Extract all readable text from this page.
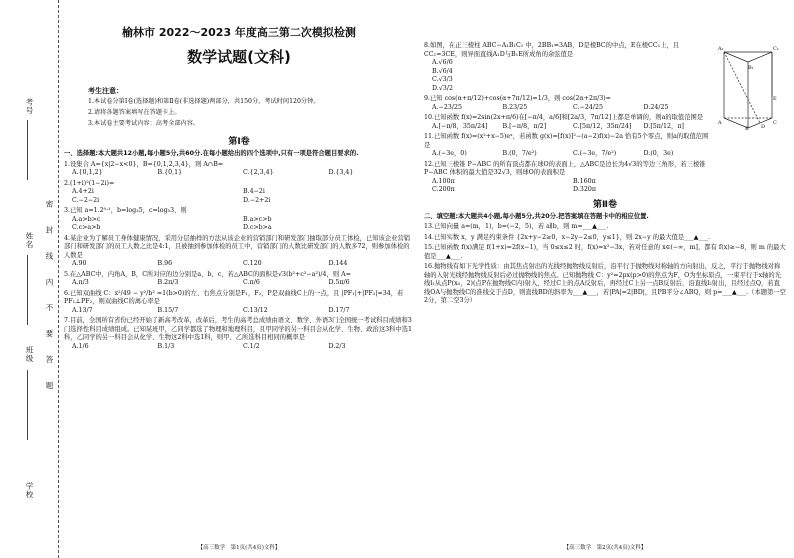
考号
姓名
班级
学校
密 封 线 内 不 要 答 题
榆林市 2022～2023 年度高三第二次模拟检测
数学试题(文科)
考生注意：
1.本试卷分第Ⅰ卷(选择题)和第Ⅱ卷(非选择题)两部分，共150分。考试时间120分钟。
2.请将各题答案填写在答题卡上。
3.本试卷主要考试内容：高考全部内容。
第Ⅰ卷
一、选择题:本大题共12小题,每小题5分,共60分.在每小题给出的四个选项中,只有一项是符合题目要求的.
1.设集合 A={x|2−x<0}，B={0,1,2,3,4}，则 A∩B=
A.{0,1,2}	B.{0,1}	C.{2,3,4}	D.{3,4}
2.(1+i)²(1−2i)=
A.4+2i	B.4−2i
C.−2−2i	D.−2+2i
3.已知 a=1.2⁰·¹，b=log₃5，c=log₅3，则
A.a>b>c	B.a>c>b
C.c>a>b	D.c>b>a
4.某企业为了解员工身体健康情况，采用分层抽样的方法从该企业的营销部门和研发部门抽取部分员工体检，已知该企业营销部门和研发部门的员工人数之比是4:1，且被抽到参加体检的员工中，营销部门的人数比研发部门的人数多72，则参加体检的人数是
A.90	B.96	C.120	D.144
5.在△ABC中，内角A，B，C所对应的边分别是a，b，c，若△ABC的面积是√3(b²+c²−a²)/4，则 A=
A.π/3	B.2π/3	C.π/6	D.5π/6
6.已知双曲线 C：x²/49 − y²/b² =1(b>0)的左、右焦点分别是F₁，F₂，P是双曲线C上的一点，且 |PF₁|+|PF₂|=34，若 PF₁⊥PF₂，则双曲线C的离心率是
A.13/7	B.15/7	C.13/12	D.17/7
7.目前，全国所有省份已经开始了新高考改革，改革后，考生的高考总成绩由语文、数学、外语3门全国统一考试科目成绩和3门选择性科目成绩组成。已知某班甲，乙同学都选了物理和地理科目，且甲同学的另一科目会从化学、生物、政治这3科中选1科，乙同学的另一科目会从化学、生物这2科中选1科，则甲、乙所选科目相同的概率是
A.1/6	B.1/3	C.1/2	D.2/3
【高三数学　第1页(共4页)文科】
A₁
B₁
C₁
A
B
C
D
E
8.如图，在正三棱柱 ABC−A₁B₁C₁ 中，2BB₁=3AB，D是棱BC的中点，E在棱CC₁上，且CC₁=3CE，则异面直线A₁D与B₁E所成角的余弦值是
A.√6/6
B.√6/4
C.√3/3
D.√3/2
9.已知 cos(α+π/12)+cos(α+7π/12)=1/3，则 cos(2α+2π/3)=
A.−23/25	B.23/25	C.−24/25	D.24/25
10.已知函数 f(x)=2sin(2x+π/6)在[−π/4，a/6]和[2a/3，7π/12]上都是单调的，则a的取值范围是
A.[−π/8，35π/24]	B.[−π/8，π/2]	C.[5π/12，35π/24]	D.[5π/12，π]
11.已知函数 f(x)=(x²+x−5)eˣ，若函数 g(x)=[f(x)]²−(a−2)f(x)−2a 恰有5个零点，则a的取值范围是
A.(−3e，0)	B.(0，7/e²)	C.(−3e，7/e²)	D.(0，3e)
12.已知三棱锥 P−ABC 的所有顶点都在球O的表面上，△ABC是边长为4√3的等边三角形，若三棱锥 P−ABC 体积的最大值是32√3，则球O的表面积是
A.100π	B.160π
C.200π	D.320π
第Ⅱ卷
二、填空题:本大题共4小题,每小题5分,共20分.把答案填在答题卡中的相应位置.
13.已知向量 a=(m，1)，b=(−2，5)，若 a∥b，则 m=___▲___.
14.已知实数 x，y 满足约束条件 {2x+y−2≥0，x−2y−2≤0，y≤1}，则 2x−y 的最大值是___▲___.
15.已知函数 f(x)满足 f(1+x)=2f(x−1)，当 0≤x≤2 时，f(x)=x²−3x，若对任意的 x∈(−∞，m]，都有 f(x)≥−8，则 m 的最大值是___▲___.
16.抛物线有如下光学性质：由其焦点射出的光线经抛物线反射后，沿平行于抛物线对称轴的方向射出，反之，平行于抛物线对称轴的入射光线经抛物线反射后必过抛物线的焦点。已知抛物线 C：y²=2px(p>0)的焦点为F，O为坐标原点，一束平行于x轴的光线l₁从点P(x₀，2)(点P在抛物线C内)射入，经过C上的点A反射后，再经过C上另一点B反射后，沿直线l₂射出，且经过点Q，若直线OA与抛物线C的准线交于点D，则直线BD的斜率为___▲___，若|PA|=2|BD|，且PB平分∠ABQ，则 p=___▲___.（本题第一空2分，第二空3分）
【高三数学　第2页(共4页)文科】
